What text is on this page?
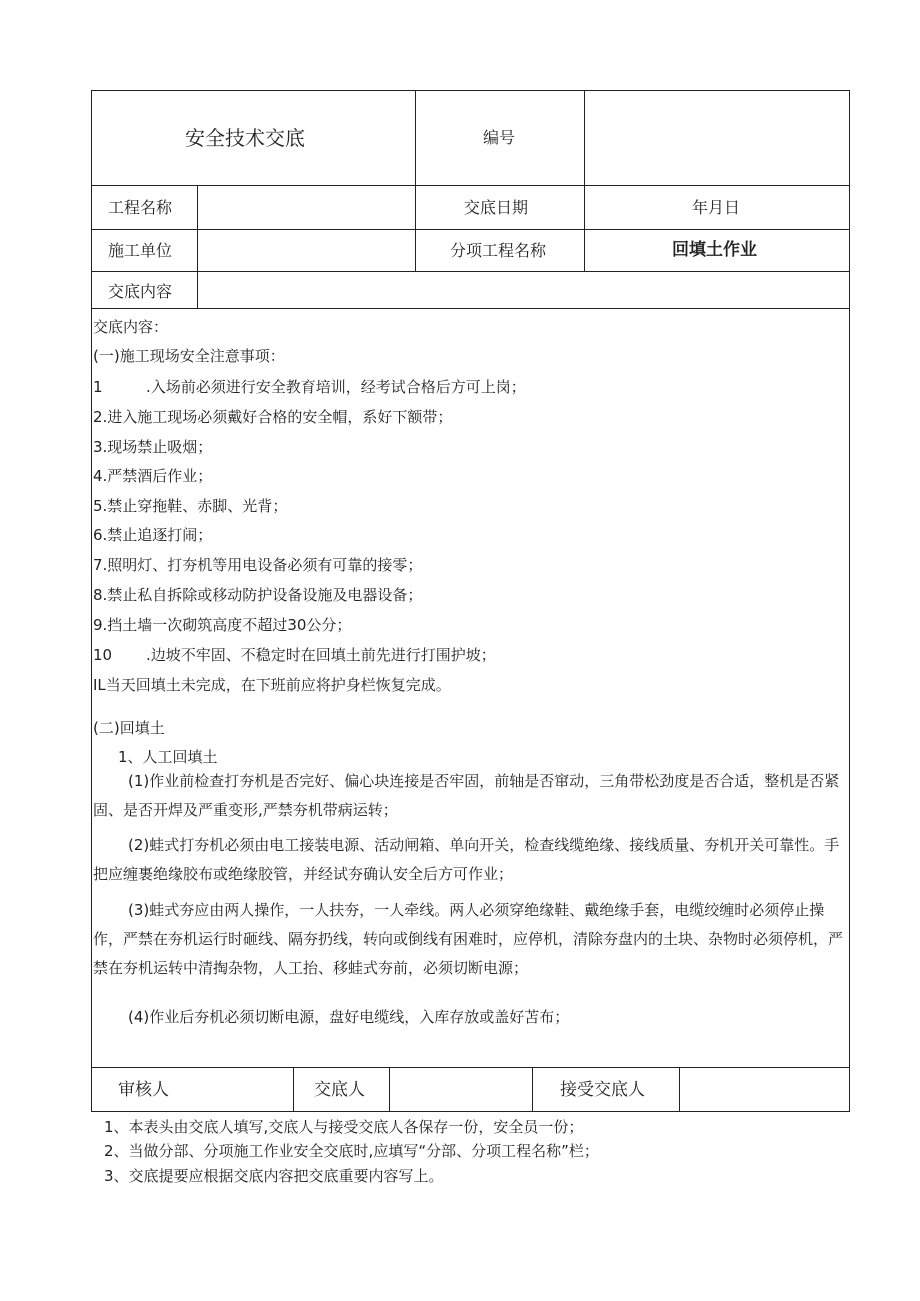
安全技术交底	编号
工程名称	交底日期	年月日
施工单位	分项工程名称	回填土作业
交底内容
交底内容：
(一)施工现场安全注意事项：
1	.入场前必须进行安全教育培训，经考试合格后方可上岗；
2.进入施工现场必须戴好合格的安全帽，系好下额带；
3.现场禁止吸烟；
4.严禁酒后作业；
5.禁止穿拖鞋、赤脚、光背；
6.禁止追逐打闹；
7.照明灯、打夯机等用电设备必须有可靠的接零；
8.禁止私自拆除或移动防护设备设施及电器设备；
9.挡土墙一次砌筑高度不超过30公分；
10 .边坡不牢固、不稳定时在回填土前先进行打围护坡；
IL当天回填土未完成，在下班前应将护身栏恢复完成。
(二)回填土
1、人工回填土
(1)作业前检查打夯机是否完好、偏心块连接是否牢固，前轴是否窜动，三角带松劲度是否合适，整机是否紧固、是否开焊及严重变形,严禁夯机带病运转；
(2)蛙式打夯机必须由电工接装电源、活动闸箱、单向开关，检查线缆绝缘、接线质量、夯机开关可靠性。手把应缠裹绝缘胶布或绝缘胶管，并经试夯确认安全后方可作业；
(3)蛙式夯应由两人操作，一人扶夯，一人牵线。两人必须穿绝缘鞋、戴绝缘手套，电缆绞缠时必须停止操作，严禁在夯机运行时砸线、隔夯扔线，转向或倒线有困难时，应停机，清除夯盘内的土块、杂物时必须停机，严禁在夯机运转中清掏杂物，人工抬、移蛙式夯前，必须切断电源；
(4)作业后夯机必须切断电源，盘好电缆线，入库存放或盖好苫布；
审核人	交底人	接受交底人
1、本表头由交底人填写,交底人与接受交底人各保存一份，安全员一份；
2、当做分部、分项施工作业安全交底时,应填写“分部、分项工程名称”栏；
3、交底提要应根据交底内容把交底重要内容写上。
